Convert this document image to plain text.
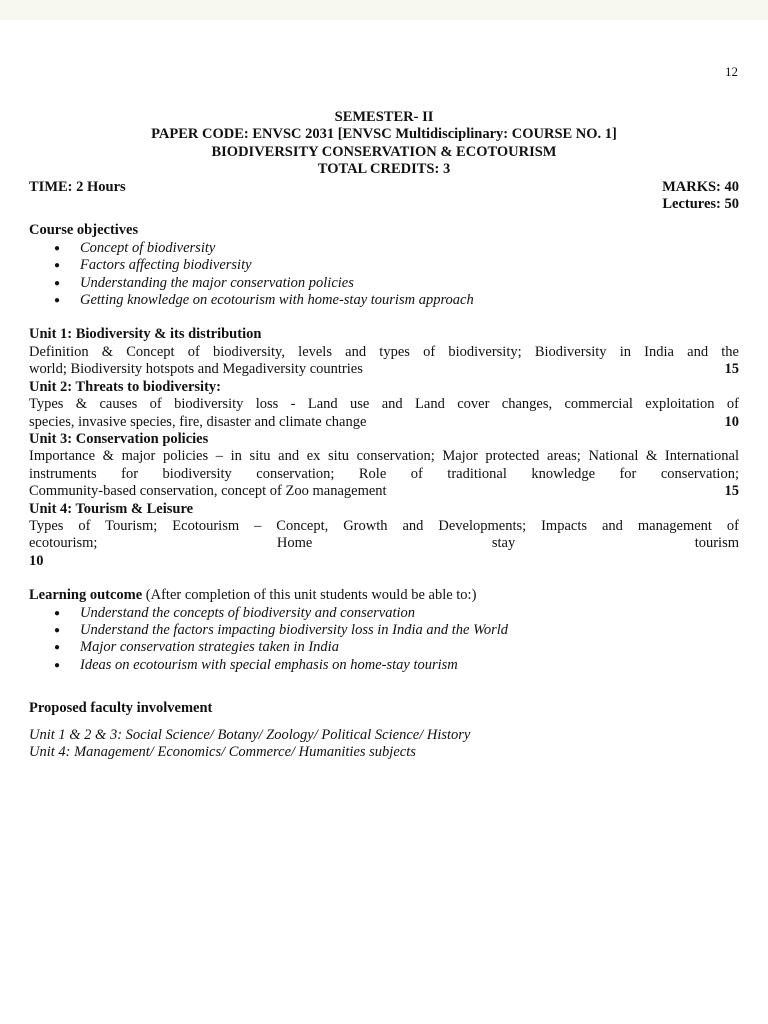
12
SEMESTER- II
PAPER CODE: ENVSC 2031 [ENVSC Multidisciplinary: COURSE NO. 1]
BIODIVERSITY CONSERVATION & ECOTOURISM
TOTAL CREDITS: 3
TIME: 2 Hours	MARKS: 40
Lectures: 50
Course objectives
● Concept of biodiversity
● Factors affecting biodiversity
● Understanding the major conservation policies
● Getting knowledge on ecotourism with home-stay tourism approach
Unit 1: Biodiversity & its distribution
Definition & Concept of biodiversity, levels and types of biodiversity; Biodiversity in India and the
world; Biodiversity hotspots and Megadiversity countries	15
Unit 2: Threats to biodiversity:
Types & causes of biodiversity loss - Land use and Land cover changes, commercial exploitation of
species, invasive species, fire, disaster and climate change	10
Unit 3: Conservation policies
Importance & major policies – in situ and ex situ conservation; Major protected areas; National & International instruments for biodiversity conservation; Role of traditional knowledge for conservation;
Community-based conservation, concept of Zoo management	15
Unit 4: Tourism & Leisure
Types of Tourism; Ecotourism – Concept, Growth and Developments; Impacts and management of
ecotourism; Home stay tourism
10
Learning outcome (After completion of this unit students would be able to:)
● Understand the concepts of biodiversity and conservation
● Understand the factors impacting biodiversity loss in India and the World
● Major conservation strategies taken in India
● Ideas on ecotourism with special emphasis on home-stay tourism
Proposed faculty involvement
Unit 1 & 2 & 3: Social Science/ Botany/ Zoology/ Political Science/ History
Unit 4: Management/ Economics/ Commerce/ Humanities subjects
